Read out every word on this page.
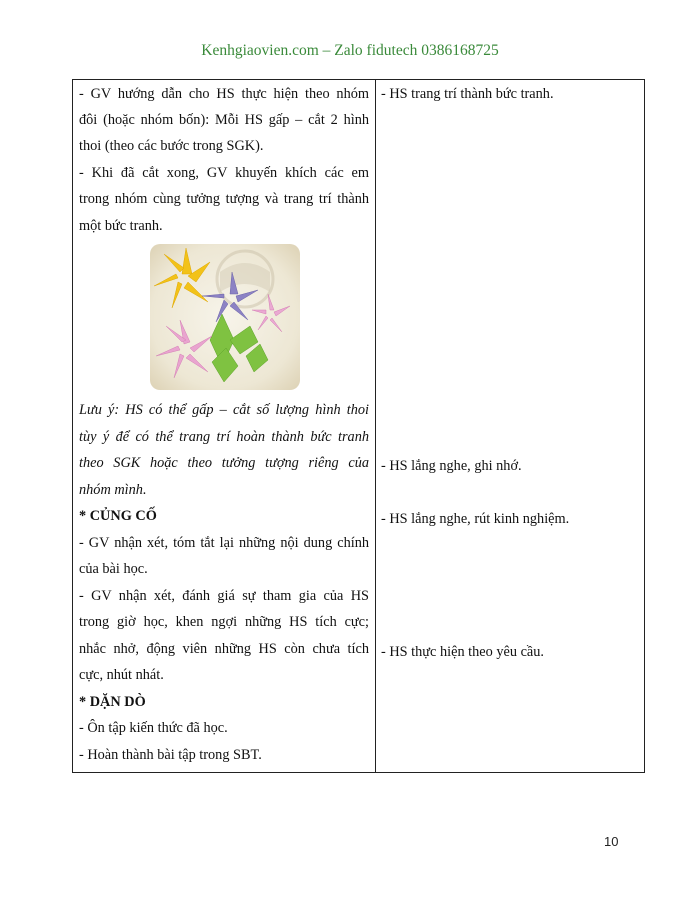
Kenhgiaovien.com – Zalo fidutech 0386168725
- GV hướng dẫn cho HS thực hiện theo nhóm
đôi (hoặc nhóm bốn): Mỗi HS gấp – cắt 2 hình
thoi (theo các bước trong SGK).
- Khi đã cắt xong, GV khuyến khích các em
trong nhóm cùng tưởng tượng và trang trí thành
một bức tranh.
Lưu ý: HS có thể gấp – cắt số lượng hình thoi
tùy ý để có thể trang trí hoàn thành bức tranh
theo SGK hoặc theo tưởng tượng riêng của
nhóm mình.
* CỦNG CỐ
- GV nhận xét, tóm tắt lại những nội dung chính
của bài học.
- GV nhận xét, đánh giá sự tham gia của HS
trong giờ học, khen ngợi những HS tích cực;
nhắc nhở, động viên những HS còn chưa tích
cực, nhút nhát.
* DẶN DÒ
- Ôn tập kiến thức đã học.
- Hoàn thành bài tập trong SBT.

- HS trang trí thành bức tranh.
- HS lắng nghe, ghi nhớ.
- HS lắng nghe, rút kinh nghiệm.
- HS thực hiện theo yêu cầu.
10
